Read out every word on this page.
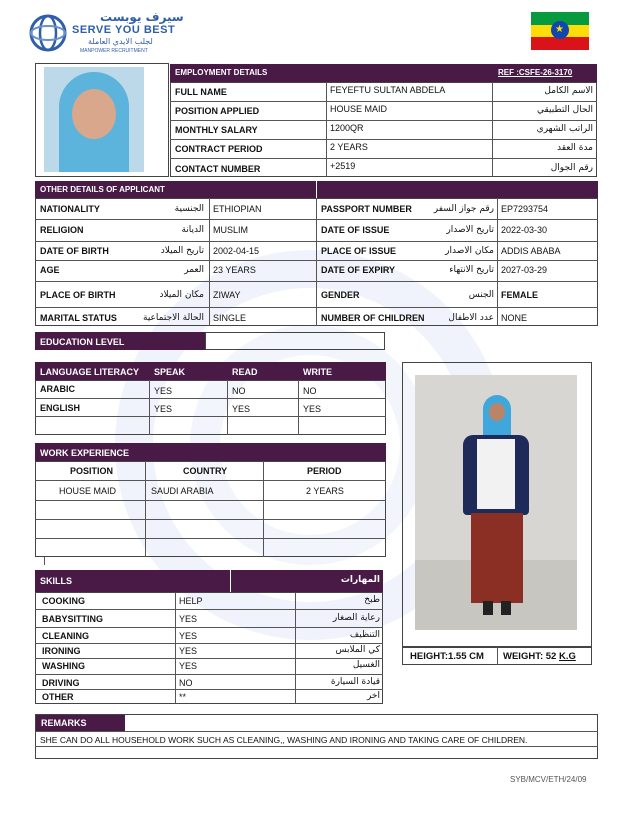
سيرف يوبست
SERVE YOU BEST
لجلب الايدي العاملة
MANPOWER RECRUITMENT
★
EMPLOYMENT DETAILS	REF :CSFE-26-3170
FULL NAME	FEYEFTU SULTAN ABDELA	الاسم الكامل
POSITION APPLIED	HOUSE MAID	الحال التطبيقي
MONTHLY SALARY	1200QR	الراتب الشهري
CONTRACT PERIOD	2 YEARS	مدة العقد
CONTACT NUMBER	+2519	رقم الجوال
OTHER DETAILS OF APPLICANT
NATIONALITY	الجنسية ETHIOPIAN	PASSPORT NUMBER رقم جواز السفر EP7293754
RELIGION	الديانة MUSLIM	DATE OF ISSUE	تاريخ الاصدار 2022-03-30
DATE OF BIRTH	تاريخ الميلاد 2002-04-15	PLACE OF ISSUE	مكان الاصدار ADDIS ABABA
AGE	العمر 23 YEARS	DATE OF EXPIRY	تاريخ الانتهاء 2027-03-29
PLACE OF BIRTH	مكان الميلاد ZIWAY	GENDER	الجنس FEMALE
MARITAL STATUS	الحالة الاجتماعية SINGLE	NUMBER OF CHILDREN	عدد الاطفال NONE
EDUCATION LEVEL
LANGUAGE LITERACY SPEAK	READ	WRITE
ARABIC	YES	NO	NO
ENGLISH	YES	YES	YES
WORK EXPERIENCE
POSITION	COUNTRY	PERIOD
HOUSE MAID	SAUDI ARABIA	2 YEARS
SKILLS	المهارات
COOKING	HELP	طبخ
BABYSITTING	YES	رعاية الصغار
CLEANING	YES	التنظيف
IRONING	YES	كي الملابس
WASHING	YES	الغسيل
DRIVING	NO	قيادة السيارة
OTHER	**	اخر
HEIGHT:1.55 CM WEIGHT: 52 K.G
REMARKS
SHE CAN DO ALL HOUSEHOLD WORK SUCH AS CLEANING,, WASHING AND IRONING AND TAKING CARE OF CHILDREN.
SYB/MCV/ETH/24/09
